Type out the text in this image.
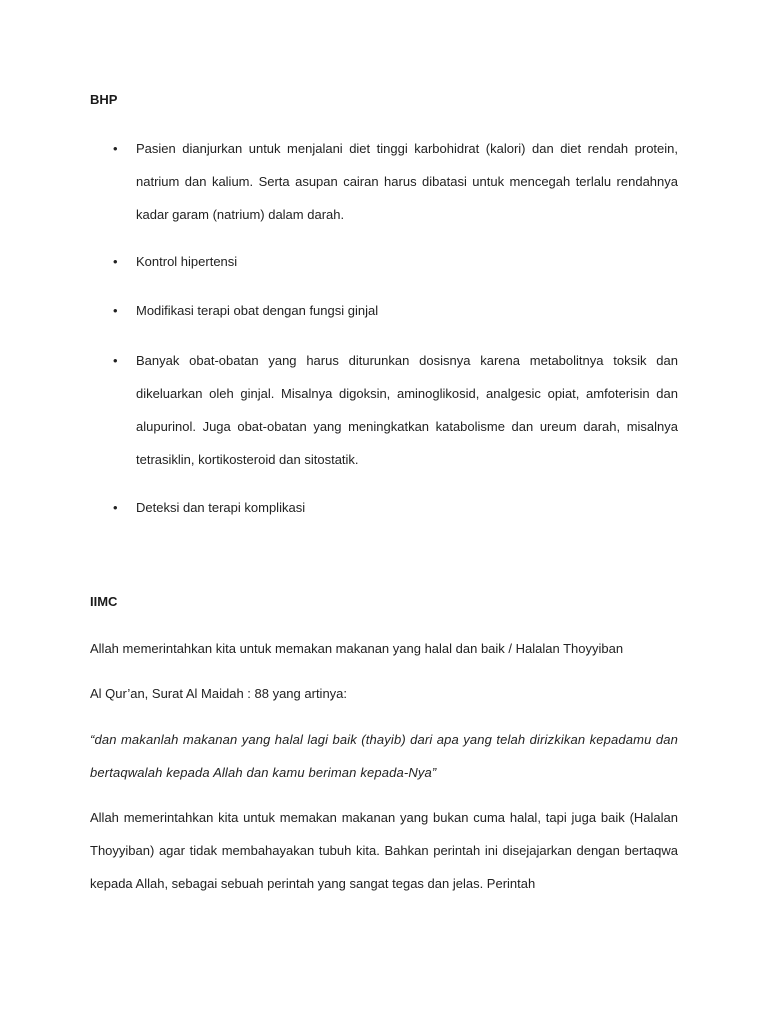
BHP
• Pasien dianjurkan untuk menjalani diet tinggi karbohidrat (kalori) dan diet rendah protein, natrium dan kalium. Serta asupan cairan harus dibatasi untuk mencegah terlalu rendahnya kadar garam (natrium) dalam darah.

• Kontrol hipertensi

• Modifikasi terapi obat dengan fungsi ginjal

• Banyak obat-obatan yang harus diturunkan dosisnya karena metabolitnya toksik dan dikeluarkan oleh ginjal. Misalnya digoksin, aminoglikosid, analgesic opiat, amfoterisin dan alupurinol. Juga obat-obatan yang meningkatkan katabolisme dan ureum darah, misalnya tetrasiklin, kortikosteroid dan sitostatik.

• Deteksi dan terapi komplikasi

IIMC

Allah memerintahkan kita untuk memakan makanan yang halal dan baik / Halalan Thoyyiban

Al Qur’an, Surat Al Maidah : 88 yang artinya:

“dan makanlah makanan yang halal lagi baik (thayib) dari apa yang telah dirizkikan kepadamu dan bertaqwalah kepada Allah dan kamu beriman kepada-Nya”

Allah memerintahkan kita untuk memakan makanan yang bukan cuma halal, tapi juga baik (Halalan Thoyyiban) agar tidak membahayakan tubuh kita. Bahkan perintah ini disejajarkan dengan bertaqwa kepada Allah, sebagai sebuah perintah yang sangat tegas dan jelas. Perintah
